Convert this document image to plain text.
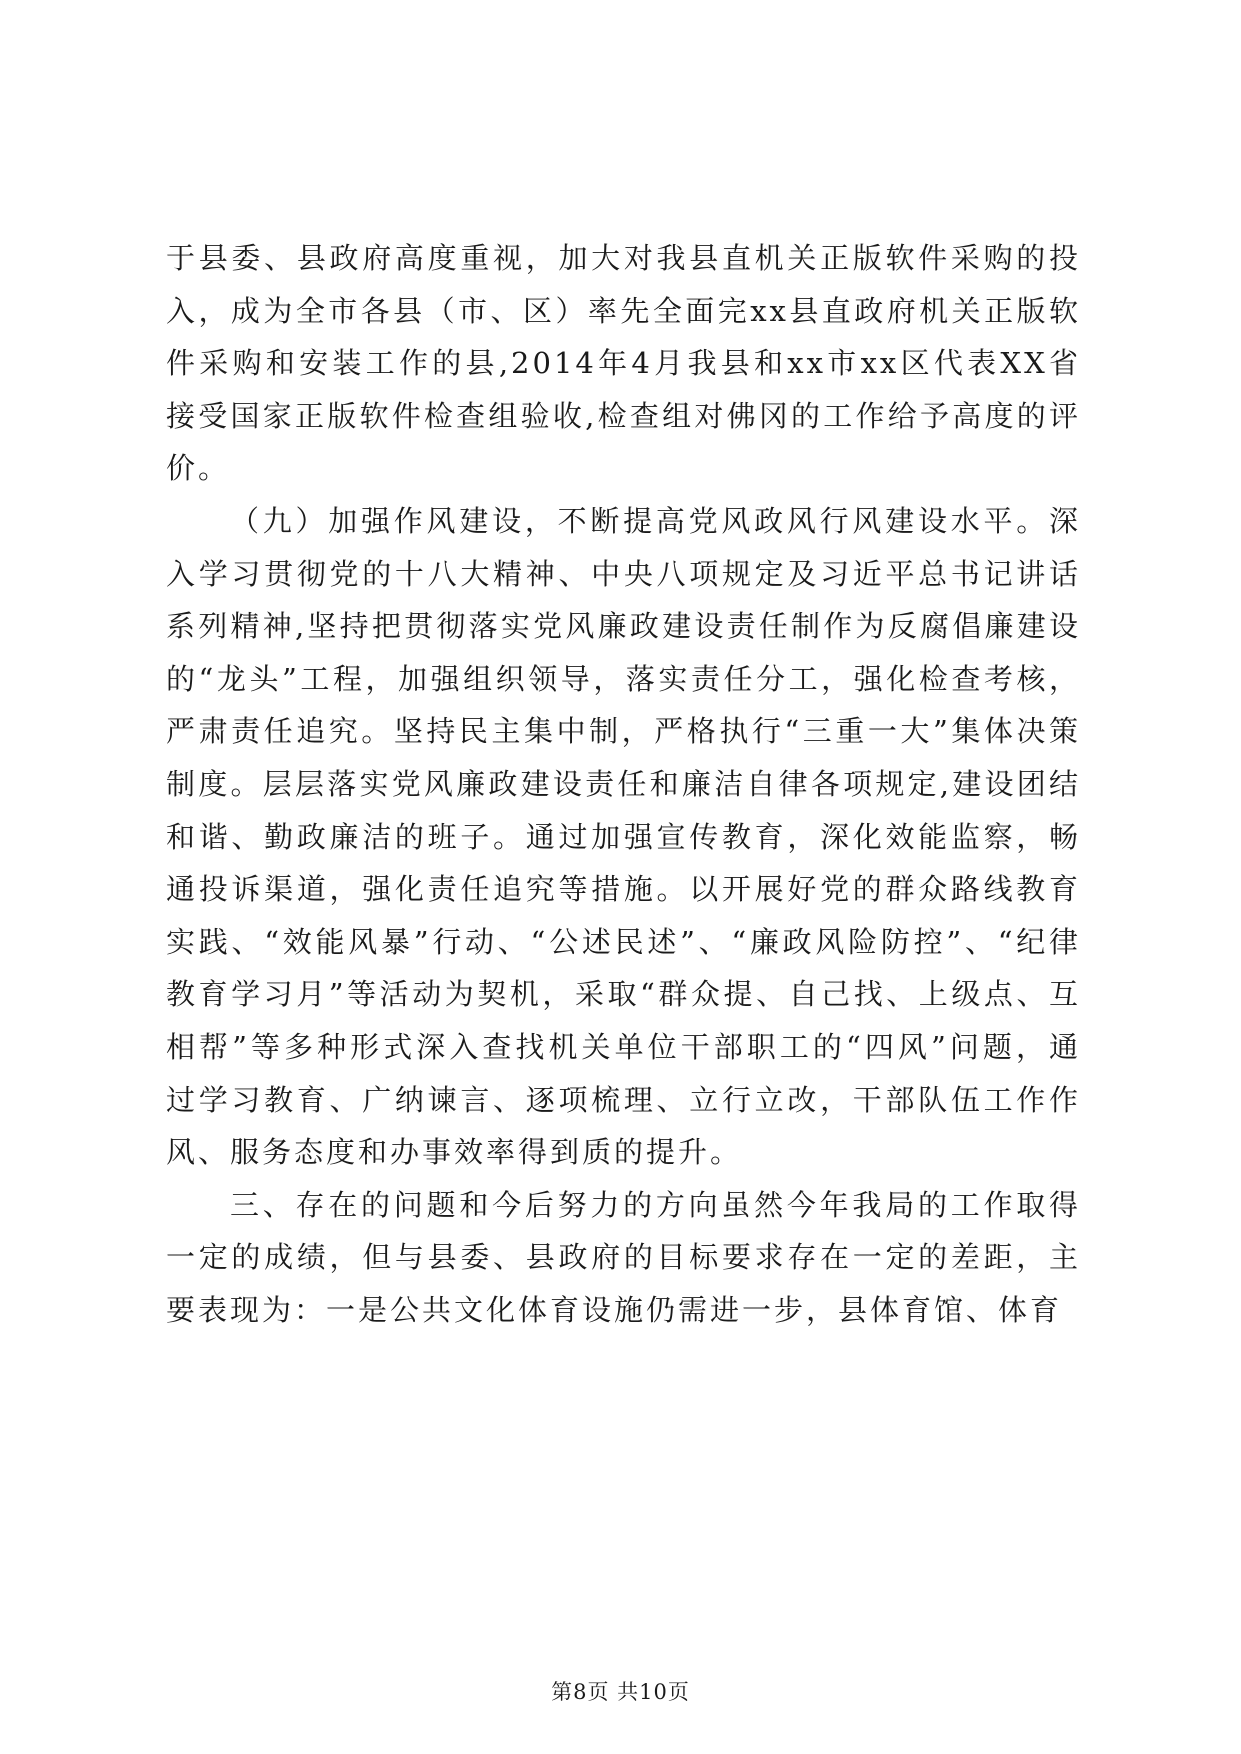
于县委、县政府高度重视，加大对我县直机关正版软件采购的投入，成为全市各县（市、区）率先全面完xx县直政府机关正版软件采购和安装工作的县,2014年4月我县和xx市xx区代表XX省接受国家正版软件检查组验收,检查组对佛冈的工作给予高度的评价。

（九）加强作风建设，不断提高党风政风行风建设水平。深入学习贯彻党的十八大精神、中央八项规定及习近平总书记讲话系列精神,坚持把贯彻落实党风廉政建设责任制作为反腐倡廉建设的“龙头”工程，加强组织领导，落实责任分工，强化检查考核，严肃责任追究。坚持民主集中制，严格执行“三重一大”集体决策制度。层层落实党风廉政建设责任和廉洁自律各项规定,建设团结和谐、勤政廉洁的班子。通过加强宣传教育，深化效能监察，畅通投诉渠道，强化责任追究等措施。以开展好党的群众路线教育实践、“效能风暴”行动、“公述民述”、“廉政风险防控”、“纪律教育学习月”等活动为契机，采取“群众提、自己找、上级点、互相帮”等多种形式深入查找机关单位干部职工的“四风”问题，通过学习教育、广纳谏言、逐项梳理、立行立改，干部队伍工作作风、服务态度和办事效率得到质的提升。

三、存在的问题和今后努力的方向虽然今年我局的工作取得一定的成绩，但与县委、县政府的目标要求存在一定的差距，主要表现为：一是公共文化体育设施仍需进一步，县体育馆、体育

第8页 共10页
